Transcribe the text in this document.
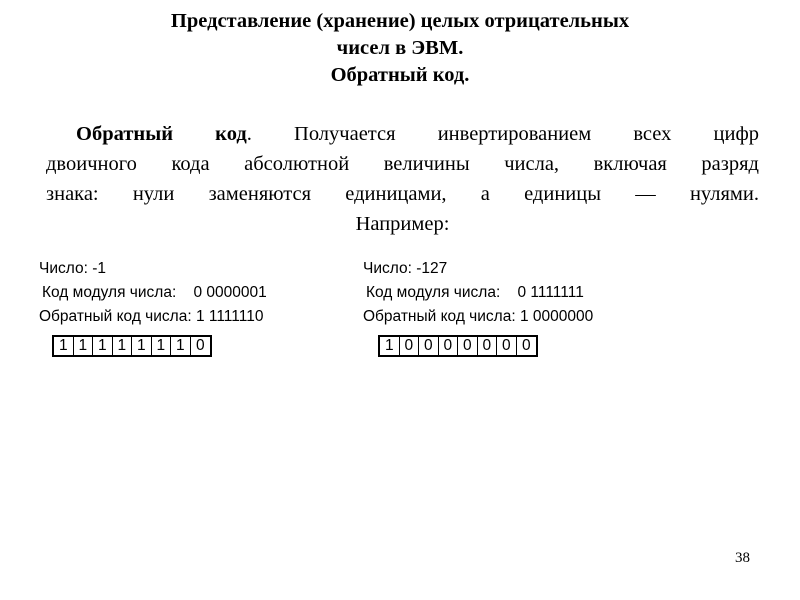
Представление (хранение) целых отрицательных
чисел в ЭВМ.
Обратный код.
Обратный код. Получается инвертированием всех цифр
двоичного кода абсолютной величины числа, включая разряд
знака: нули заменяются единицами, а единицы — нулями.
Например:
Число: -1
Код модуля числа:    0 0000001
Обратный код числа: 1 1111110
1 1 1 1 1 1 1 0
Число: -127
Код модуля числа:    0 1111111
Обратный код числа: 1 0000000
1 0 0 0 0 0 0 0
38
